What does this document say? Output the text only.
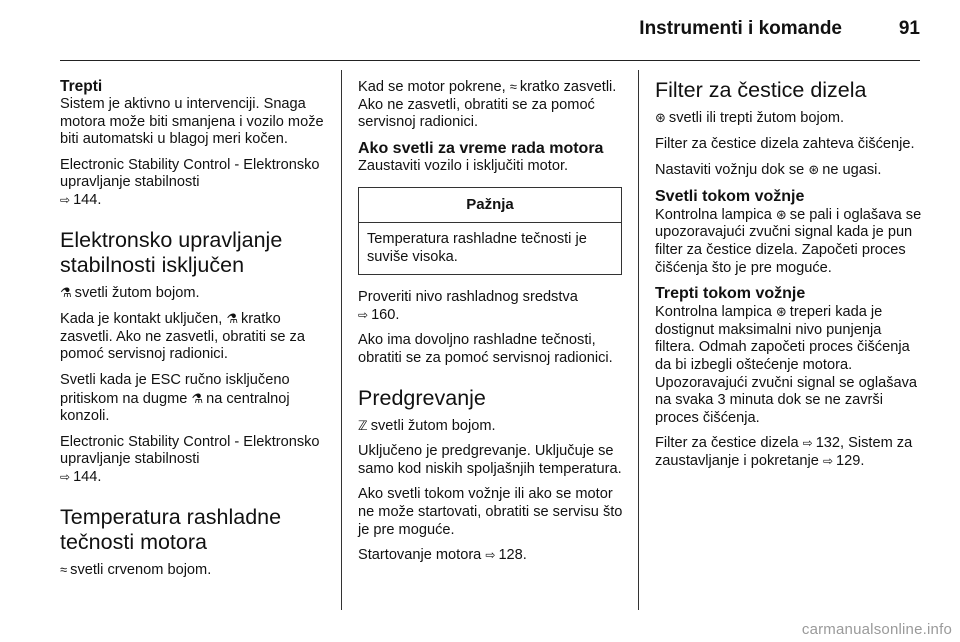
Instrumenti i komande	91
Trepti

Sistem je aktivno u intervenciji. Snaga motora može biti smanjena i vozilo može biti automatski u blagoj meri kočen.

Electronic Stability Control - Elektronsko upravljanje stabilnosti
⇨ 144.

Elektronsko upravljanje stabilnosti isključen

⚗ svetli žutom bojom.

Kada je kontakt uključen, ⚗ kratko zasvetli. Ako ne zasvetli, obratiti se za pomoć servisnoj radionici.

Svetli kada je ESC ručno isključeno pritiskom na dugme ⚗ na centralnoj konzoli.

Electronic Stability Control - Elektronsko upravljanje stabilnosti
⇨ 144.

Temperatura rashladne tečnosti motora

≈ svetli crvenom bojom.

Kad se motor pokrene, ≈ kratko zasvetli. Ako ne zasvetli, obratiti se za pomoć servisnoj radionici.

Ako svetli za vreme rada motora

Zaustaviti vozilo i isključiti motor.

Pažnja
Temperatura rashladne tečnosti je suviše visoka.

Proveriti nivo rashladnog sredstva
⇨ 160.

Ako ima dovoljno rashladne tečnosti, obratiti se za pomoć servisnoj radionici.

Predgrevanje

ℤ svetli žutom bojom.

Uključeno je predgrevanje. Uključuje se samo kod niskih spoljašnjih temperatura.

Ako svetli tokom vožnje ili ako se motor ne može startovati, obratiti se servisu što je pre moguće.

Startovanje motora ⇨ 128.

Filter za čestice dizela

⊛ svetli ili trepti žutom bojom.

Filter za čestice dizela zahteva čišćenje.

Nastaviti vožnju dok se ⊛ ne ugasi.

Svetli tokom vožnje

Kontrolna lampica ⊛ se pali i oglašava se upozoravajući zvučni signal kada je pun filter za čestice dizela. Započeti proces čišćenja što je pre moguće.

Trepti tokom vožnje

Kontrolna lampica ⊛ treperi kada je dostignut maksimalni nivo punjenja filtera. Odmah započeti proces čišćenja da bi izbegli oštećenje motora. Upozoravajući zvučni signal se oglašava na svaka 3 minuta dok se ne završi proces čišćenja.

Filter za čestice dizela ⇨ 132, Sistem za zaustavljanje i pokretanje ⇨ 129.

carmanualsonline.info
